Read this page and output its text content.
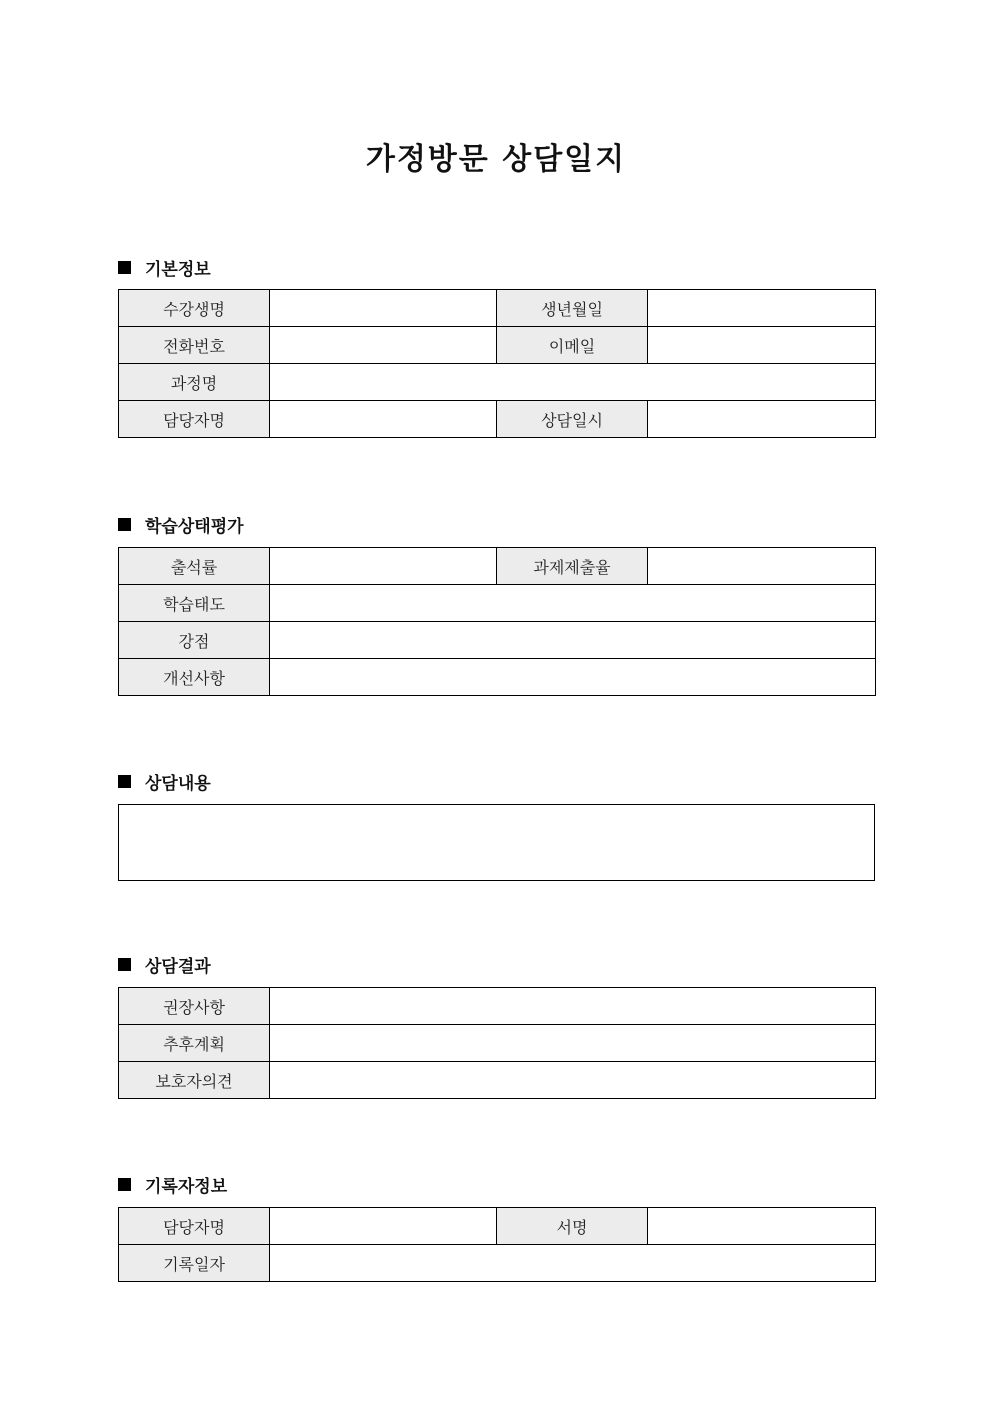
가정방문 상담일지
기본정보
수강생명		생년월일	
전화번호		이메일	
과정명			
담당자명		상담일시	
학습상태평가
출석률		과제제출율	
학습태도			
강점			
개선사항			
상담내용
상담결과
권장사항	
추후계획	
보호자의견	
기록자정보
담당자명		서명	
기록일자			
